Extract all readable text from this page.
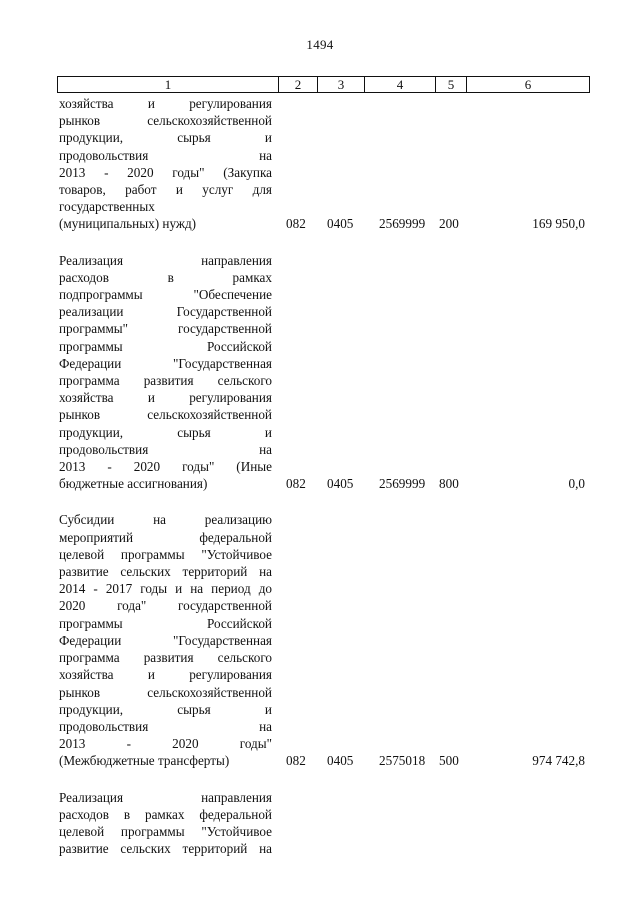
1494
1	2	3	4	5	6
хозяйства и регулирования
рынков сельскохозяйственной
продукции, сырья и
продовольствия на
2013 - 2020 годы" (Закупка
товаров, работ и услуг для
государственных
(муниципальных) нужд)	082 0405 2569999 200	169 950,0
Реализация направления
расходов в рамках
подпрограммы "Обеспечение
реализации Государственной
программы" государственной
программы Российской
Федерации "Государственная
программа развития сельского
хозяйства и регулирования
рынков сельскохозяйственной
продукции, сырья и
продовольствия на
2013 - 2020 годы" (Иные
бюджетные ассигнования)	082 0405 2569999 800	0,0
Субсидии на реализацию
мероприятий федеральной
целевой программы "Устойчивое
развитие сельских территорий на
2014 - 2017 годы и на период до
2020 года" государственной
программы Российской
Федерации "Государственная
программа развития сельского
хозяйства и регулирования
рынков сельскохозяйственной
продукции, сырья и
продовольствия на
2013 - 2020 годы"
(Межбюджетные трансферты)	082 0405 2575018 500	974 742,8
Реализация направления
расходов в рамках федеральной
целевой программы "Устойчивое
развитие сельских территорий на
